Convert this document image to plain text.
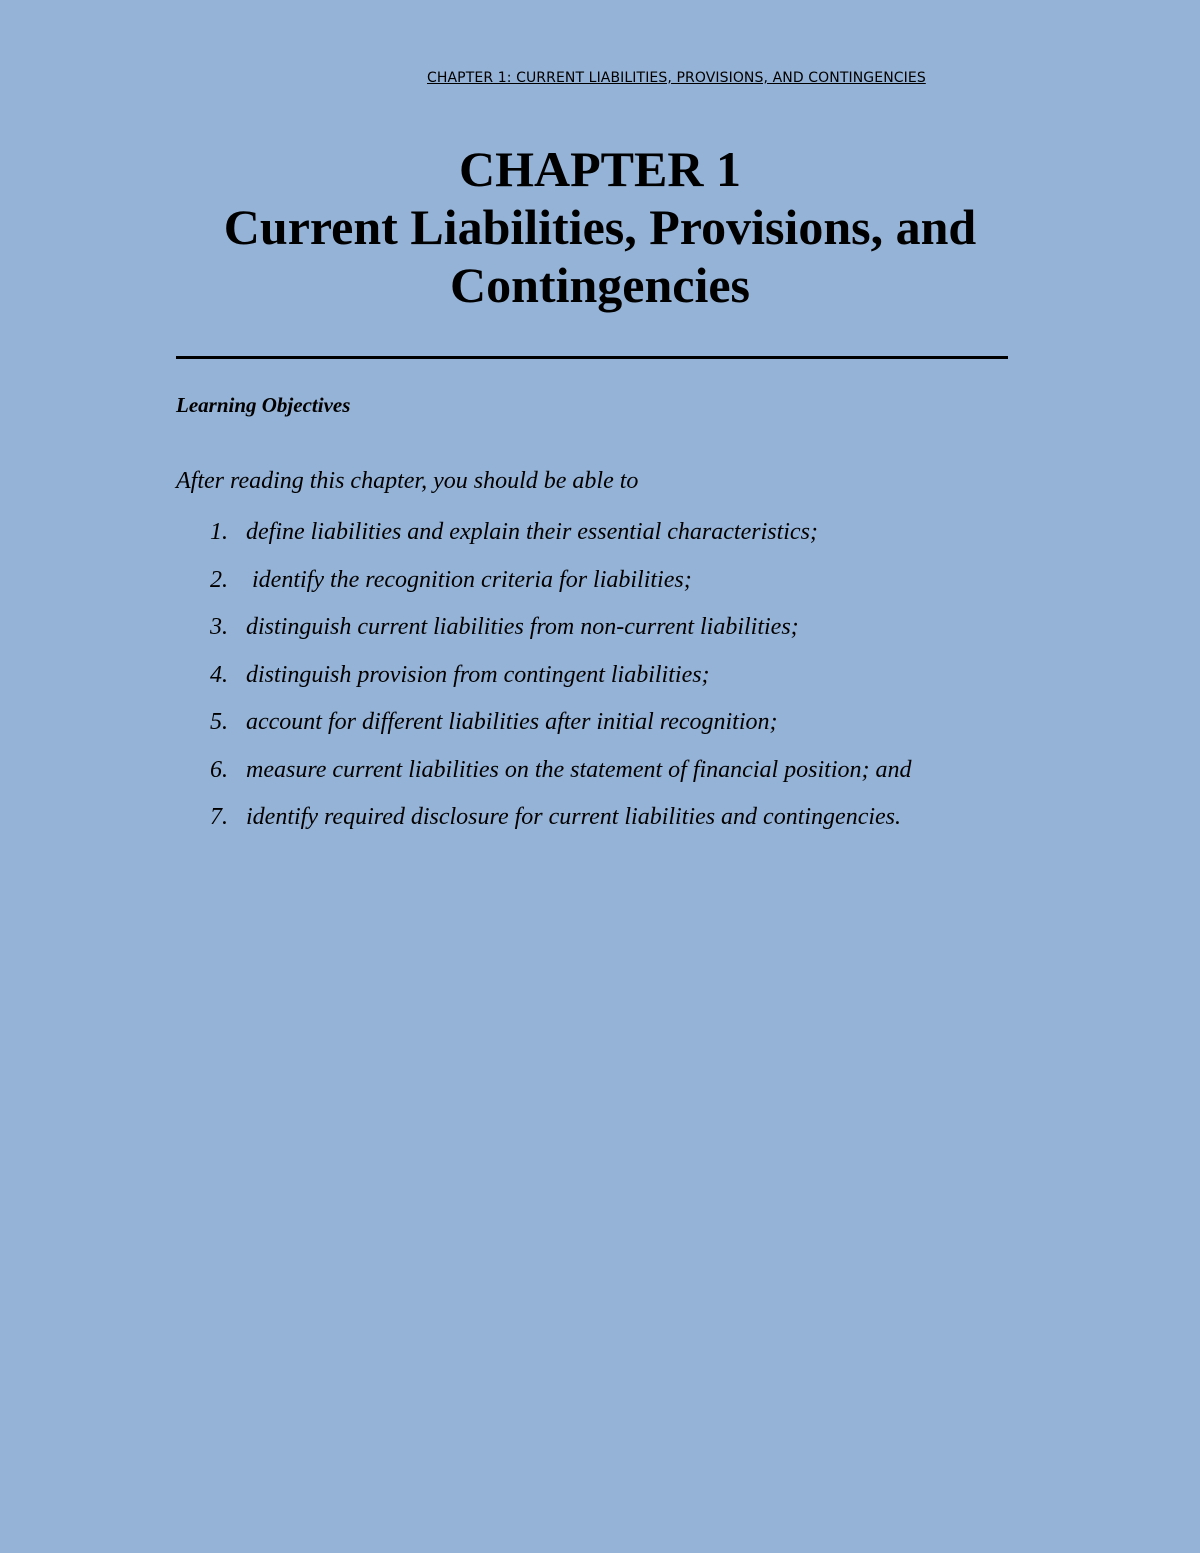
CHAPTER 1: CURRENT LIABILITIES, PROVISIONS, AND CONTINGENCIES
CHAPTER 1
Current Liabilities, Provisions, and
Contingencies
Learning Objectives
After reading this chapter, you should be able to
1. define liabilities and explain their essential characteristics;
2. identify the recognition criteria for liabilities;
3. distinguish current liabilities from non-current liabilities;
4. distinguish provision from contingent liabilities;
5. account for different liabilities after initial recognition;
6. measure current liabilities on the statement of financial position; and
7. identify required disclosure for current liabilities and contingencies.
